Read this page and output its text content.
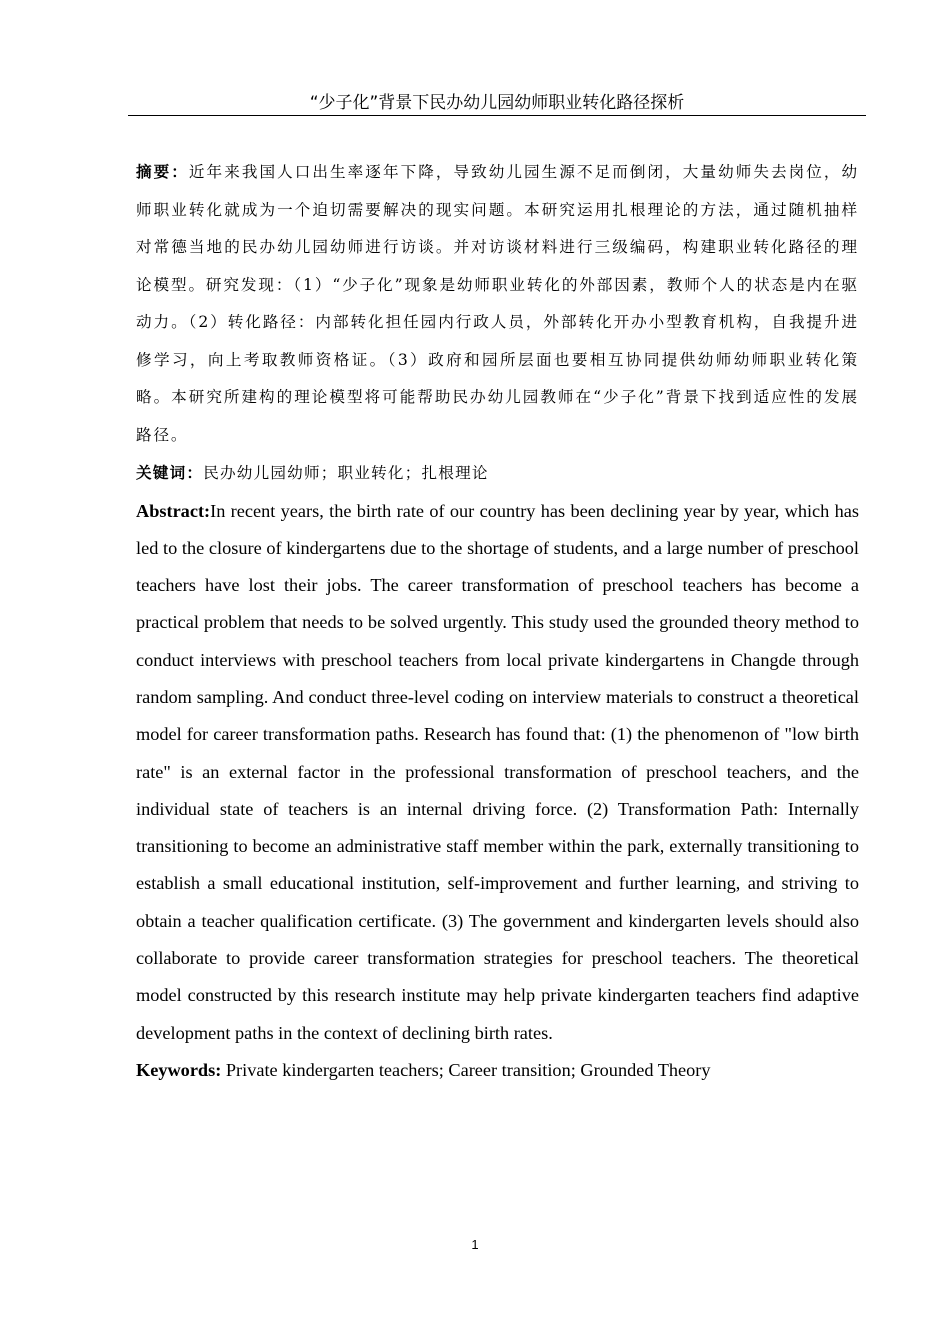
“少子化”背景下民办幼儿园幼师职业转化路径探析

摘要：近年来我国人口出生率逐年下降，导致幼儿园生源不足而倒闭，大量幼师失去岗位，幼师职业转化就成为一个迫切需要解决的现实问题。本研究运用扎根理论的方法，通过随机抽样对常德当地的民办幼儿园幼师进行访谈。并对访谈材料进行三级编码，构建职业转化路径的理论模型。研究发现：（1）“少子化”现象是幼师职业转化的外部因素，教师个人的状态是内在驱动力。（2）转化路径：内部转化担任园内行政人员，外部转化开办小型教育机构，自我提升进修学习，向上考取教师资格证。（3）政府和园所层面也要相互协同提供幼师幼师职业转化策略。本研究所建构的理论模型将可能帮助民办幼儿园教师在“少子化”背景下找到适应性的发展路径。

关键词：民办幼儿园幼师；职业转化；扎根理论

Abstract:In recent years, the birth rate of our country has been declining year by year, which has led to the closure of kindergartens due to the shortage of students, and a large number of preschool teachers have lost their jobs. The career transformation of preschool teachers has become a practical problem that needs to be solved urgently. This study used the grounded theory method to conduct interviews with preschool teachers from local private kindergartens in Changde through random sampling. And conduct three-level coding on interview materials to construct a theoretical model for career transformation paths. Research has found that: (1) the phenomenon of "low birth rate" is an external factor in the professional transformation of preschool teachers, and the individual state of teachers is an internal driving force. (2) Transformation Path: Internally transitioning to become an administrative staff member within the park, externally transitioning to establish a small educational institution, self-improvement and further learning, and striving to obtain a teacher qualification certificate. (3) The government and kindergarten levels should also collaborate to provide career transformation strategies for preschool teachers. The theoretical model constructed by this research institute may help private kindergarten teachers find adaptive development paths in the context of declining birth rates.

Keywords: Private kindergarten teachers; Career transition; Grounded Theory

1
